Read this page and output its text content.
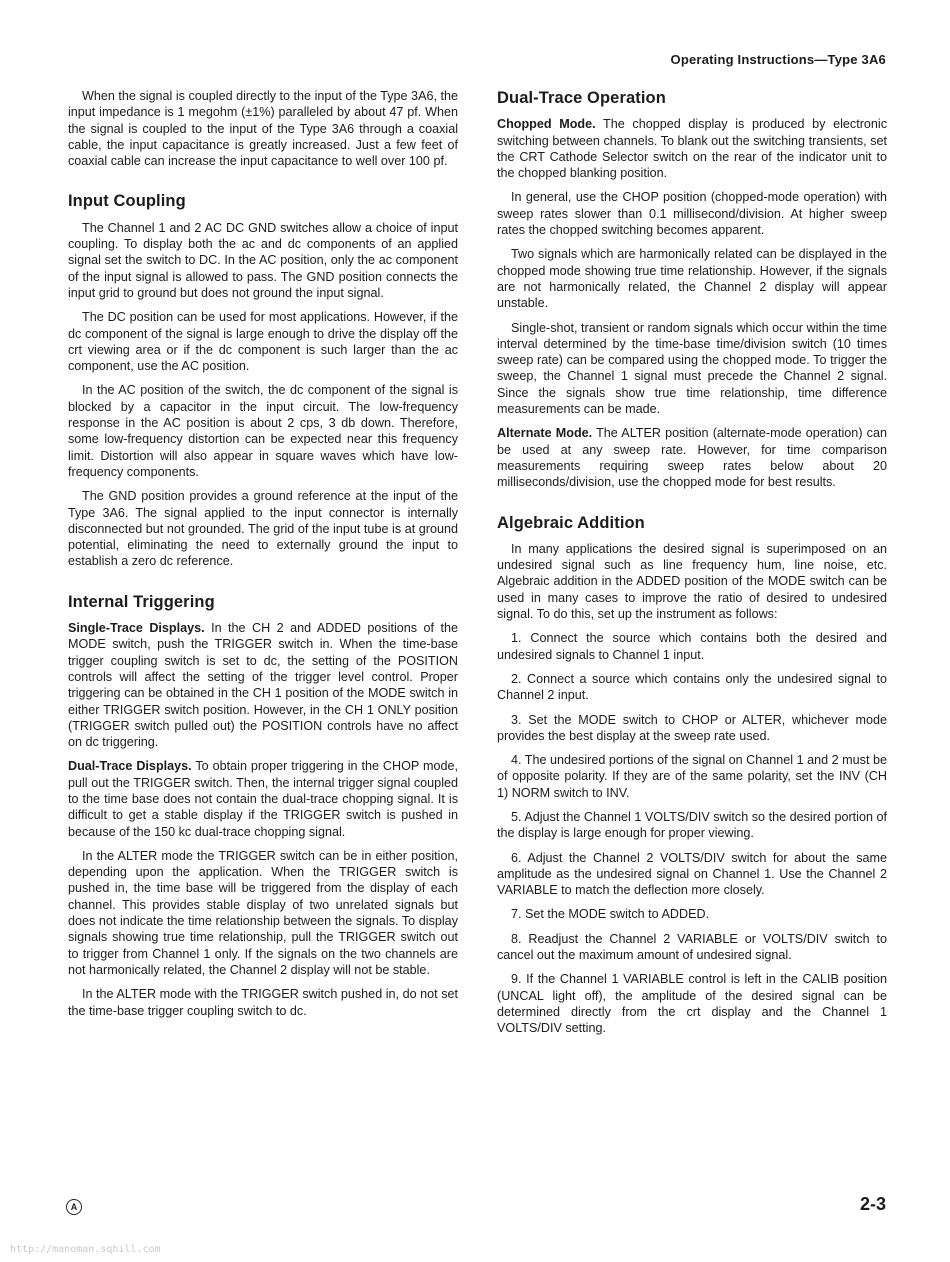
Operating Instructions—Type 3A6

When the signal is coupled directly to the input of the Type 3A6, the input impedance is 1 megohm (±1%) paralleled by about 47 pf. When the signal is coupled to the input of the Type 3A6 through a coaxial cable, the input capacitance is greatly increased. Just a few feet of coaxial cable can increase the input capacitance to well over 100 pf.

Input Coupling

The Channel 1 and 2 AC DC GND switches allow a choice of input coupling. To display both the ac and dc components of an applied signal set the switch to DC. In the AC position, only the ac component of the input signal is allowed to pass. The GND position connects the input grid to ground but does not ground the input signal.

The DC position can be used for most applications. However, if the dc component of the signal is large enough to drive the display off the crt viewing area or if the dc component is such larger than the ac component, use the AC position.

In the AC position of the switch, the dc component of the signal is blocked by a capacitor in the input circuit. The low-frequency response in the AC position is about 2 cps, 3 db down. Therefore, some low-frequency distortion can be expected near this frequency limit. Distortion will also appear in square waves which have low-frequency components.

The GND position provides a ground reference at the input of the Type 3A6. The signal applied to the input connector is internally disconnected but not grounded. The grid of the input tube is at ground potential, eliminating the need to externally ground the input to establish a zero dc reference.

Internal Triggering

Single-Trace Displays. In the CH 2 and ADDED positions of the MODE switch, push the TRIGGER switch in. When the time-base trigger coupling switch is set to dc, the setting of the POSITION controls will affect the setting of the trigger level control. Proper triggering can be obtained in the CH 1 position of the MODE switch in either TRIGGER switch position. However, in the CH 1 ONLY position (TRIGGER switch pulled out) the POSITION controls have no affect on dc triggering.

Dual-Trace Displays. To obtain proper triggering in the CHOP mode, pull out the TRIGGER switch. Then, the internal trigger signal coupled to the time base does not contain the dual-trace chopping signal. It is difficult to get a stable display if the TRIGGER switch is pushed in because of the 150 kc dual-trace chopping signal.

In the ALTER mode the TRIGGER switch can be in either position, depending upon the application. When the TRIGGER switch is pushed in, the time base will be triggered from the display of each channel. This provides stable display of two unrelated signals but does not indicate the time relationship between the signals. To display signals showing true time relationship, pull the TRIGGER switch out to trigger from Channel 1 only. If the signals on the two channels are not harmonically related, the Channel 2 display will not be stable.

In the ALTER mode with the TRIGGER switch pushed in, do not set the time-base trigger coupling switch to dc.

Dual-Trace Operation

Chopped Mode. The chopped display is produced by electronic switching between channels. To blank out the switching transients, set the CRT Cathode Selector switch on the rear of the indicator unit to the chopped blanking position.

In general, use the CHOP position (chopped-mode operation) with sweep rates slower than 0.1 millisecond/division. At higher sweep rates the chopped switching becomes apparent.

Two signals which are harmonically related can be displayed in the chopped mode showing true time relationship. However, if the signals are not harmonically related, the Channel 2 display will appear unstable.

Single-shot, transient or random signals which occur within the time interval determined by the time-base time/division switch (10 times sweep rate) can be compared using the chopped mode. To trigger the sweep, the Channel 1 signal must precede the Channel 2 signal. Since the signals show true time relationship, time difference measurements can be made.

Alternate Mode. The ALTER position (alternate-mode operation) can be used at any sweep rate. However, for time comparison measurements requiring sweep rates below about 20 milliseconds/division, use the chopped mode for best results.

Algebraic Addition

In many applications the desired signal is superimposed on an undesired signal such as line frequency hum, line noise, etc. Algebraic addition in the ADDED position of the MODE switch can be used in many cases to improve the ratio of desired to undesired signal. To do this, set up the instrument as follows:

1. Connect the source which contains both the desired and undesired signals to Channel 1 input.

2. Connect a source which contains only the undesired signal to Channel 2 input.

3. Set the MODE switch to CHOP or ALTER, whichever mode provides the best display at the sweep rate used.

4. The undesired portions of the signal on Channel 1 and 2 must be of opposite polarity. If they are of the same polarity, set the INV (CH 1) NORM switch to INV.

5. Adjust the Channel 1 VOLTS/DIV switch so the desired portion of the display is large enough for proper viewing.

6. Adjust the Channel 2 VOLTS/DIV switch for about the same amplitude as the undesired signal on Channel 1. Use the Channel 2 VARIABLE to match the deflection more closely.

7. Set the MODE switch to ADDED.

8. Readjust the Channel 2 VARIABLE or VOLTS/DIV switch to cancel out the maximum amount of undesired signal.

9. If the Channel 1 VARIABLE control is left in the CALIB position (UNCAL light off), the amplitude of the desired signal can be determined directly from the crt display and the Channel 1 VOLTS/DIV setting.

A	2-3
http://manoman.sqhill.com
